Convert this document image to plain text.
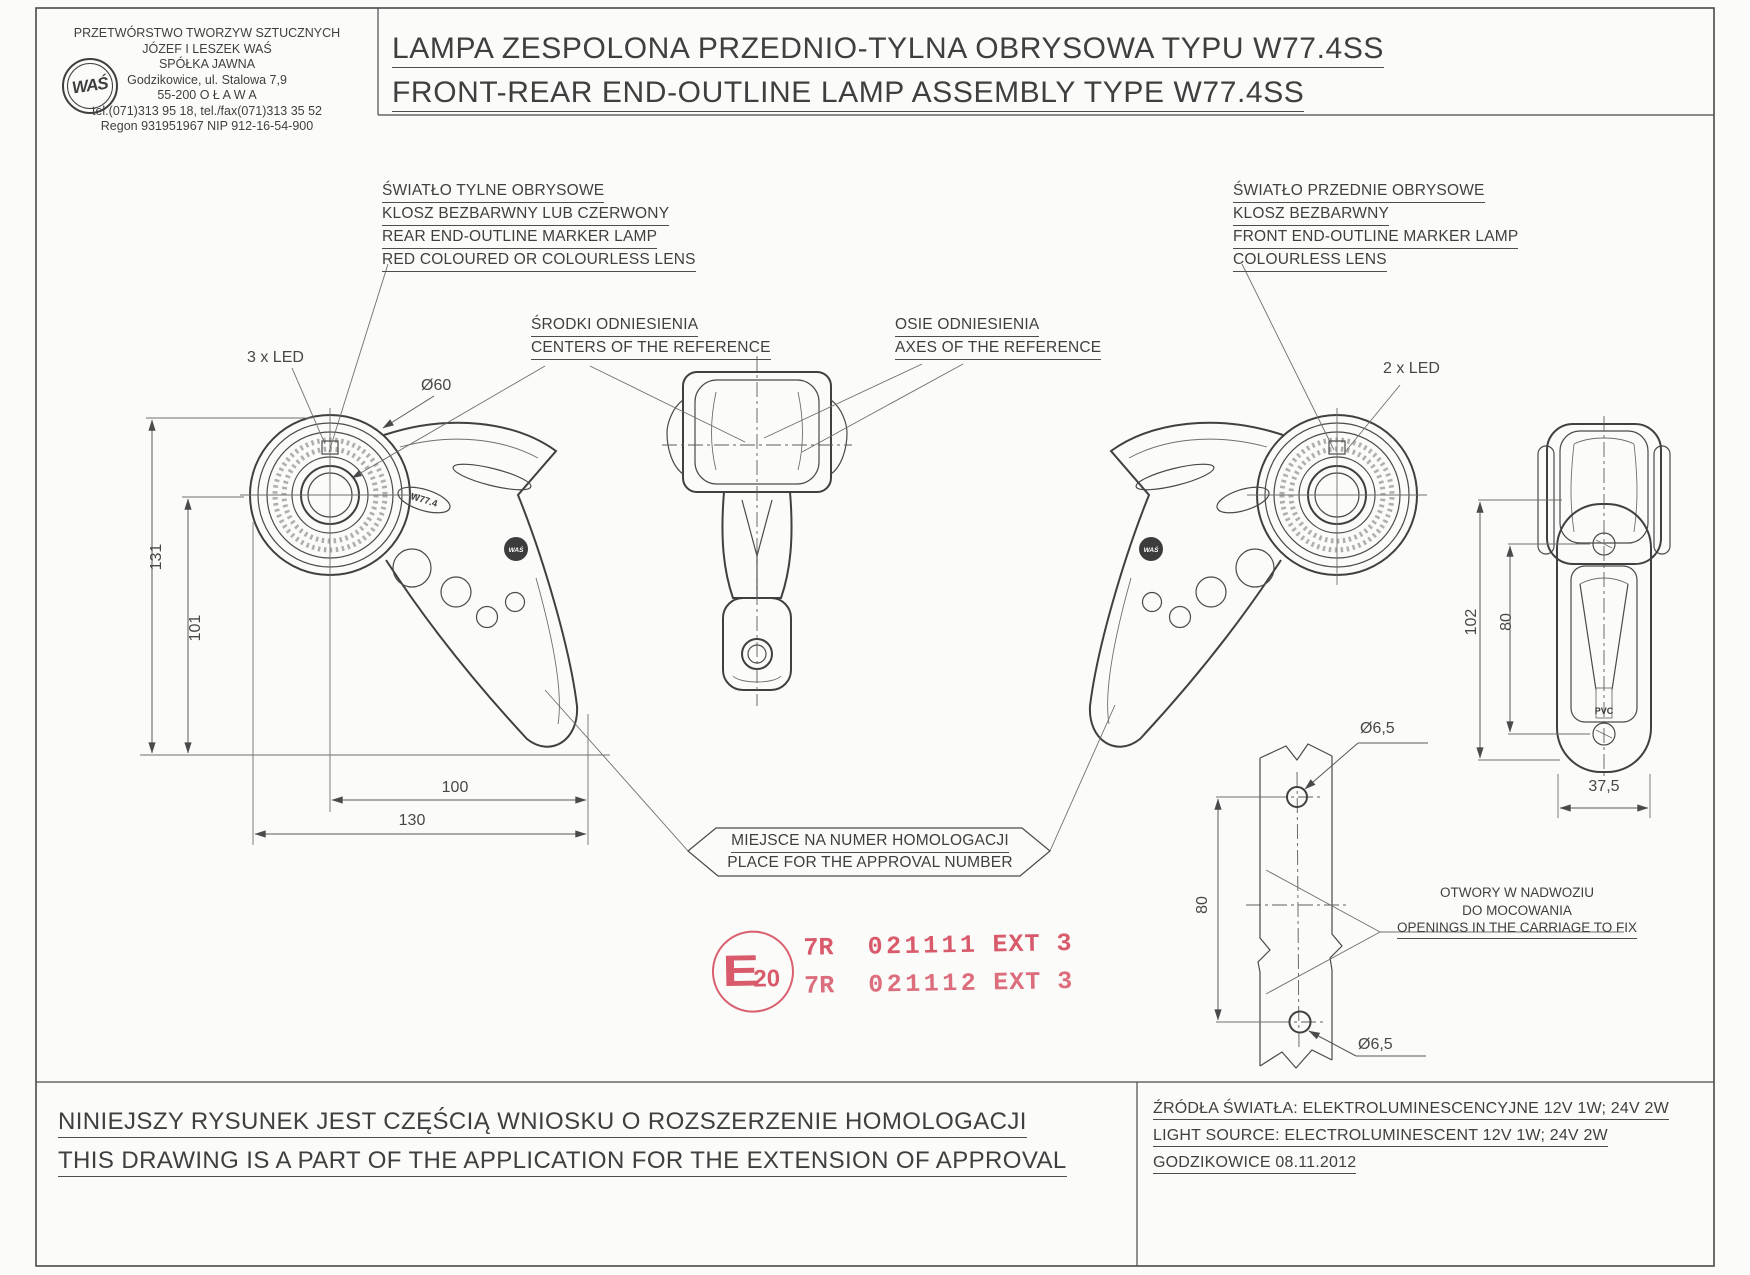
W77.4
WAŚ	WAŚ
PVC
WAŚ
PRZETWÓRSTWO TWORZYW SZTUCZNYCH
JÓZEF I LESZEK WAŚ
SPÓŁKA JAWNA
Godzikowice, ul. Stalowa 7,9
55-200 O Ł A W A
tel.(071)313 95 18, tel./fax(071)313 35 52
Regon 931951967 NIP 912-16-54-900
LAMPA ZESPOLONA PRZEDNIO-TYLNA OBRYSOWA TYPU W77.4SS
FRONT-REAR END-OUTLINE LAMP ASSEMBLY TYPE W77.4SS
ŚWIATŁO TYLNE OBRYSOWE
KLOSZ BEZBARWNY LUB CZERWONY
REAR END-OUTLINE MARKER LAMP
RED COLOURED OR COLOURLESS LENS
ŚWIATŁO PRZEDNIE OBRYSOWE
KLOSZ BEZBARWNY
FRONT END-OUTLINE MARKER LAMP
COLOURLESS LENS
ŚRODKI ODNIESIENIA
CENTERS OF THE REFERENCE
OSIE ODNIESIENIA
AXES OF THE REFERENCE
MIEJSCE NA NUMER HOMOLOGACJI
PLACE FOR THE APPROVAL NUMBER
OTWORY W NADWOZIU
DO MOCOWANIA
OPENINGS IN THE CARRIAGE TO FIX
3 x LED
Ø60
131
101
100
130
2 x LED
102 80
37,5
Ø6,5
80
Ø6,5
E
20
7R 021111 EXT 3
7R 021112 EXT 3
NINIEJSZY RYSUNEK JEST CZĘŚCIĄ WNIOSKU O ROZSZERZENIE HOMOLOGACJI
THIS DRAWING IS A PART OF THE APPLICATION FOR THE EXTENSION OF APPROVAL
ŹRÓDŁA ŚWIATŁA: ELEKTROLUMINESCENCYJNE 12V 1W; 24V 2W
LIGHT SOURCE: ELECTROLUMINESCENT 12V 1W; 24V 2W
GODZIKOWICE 08.11.2012
